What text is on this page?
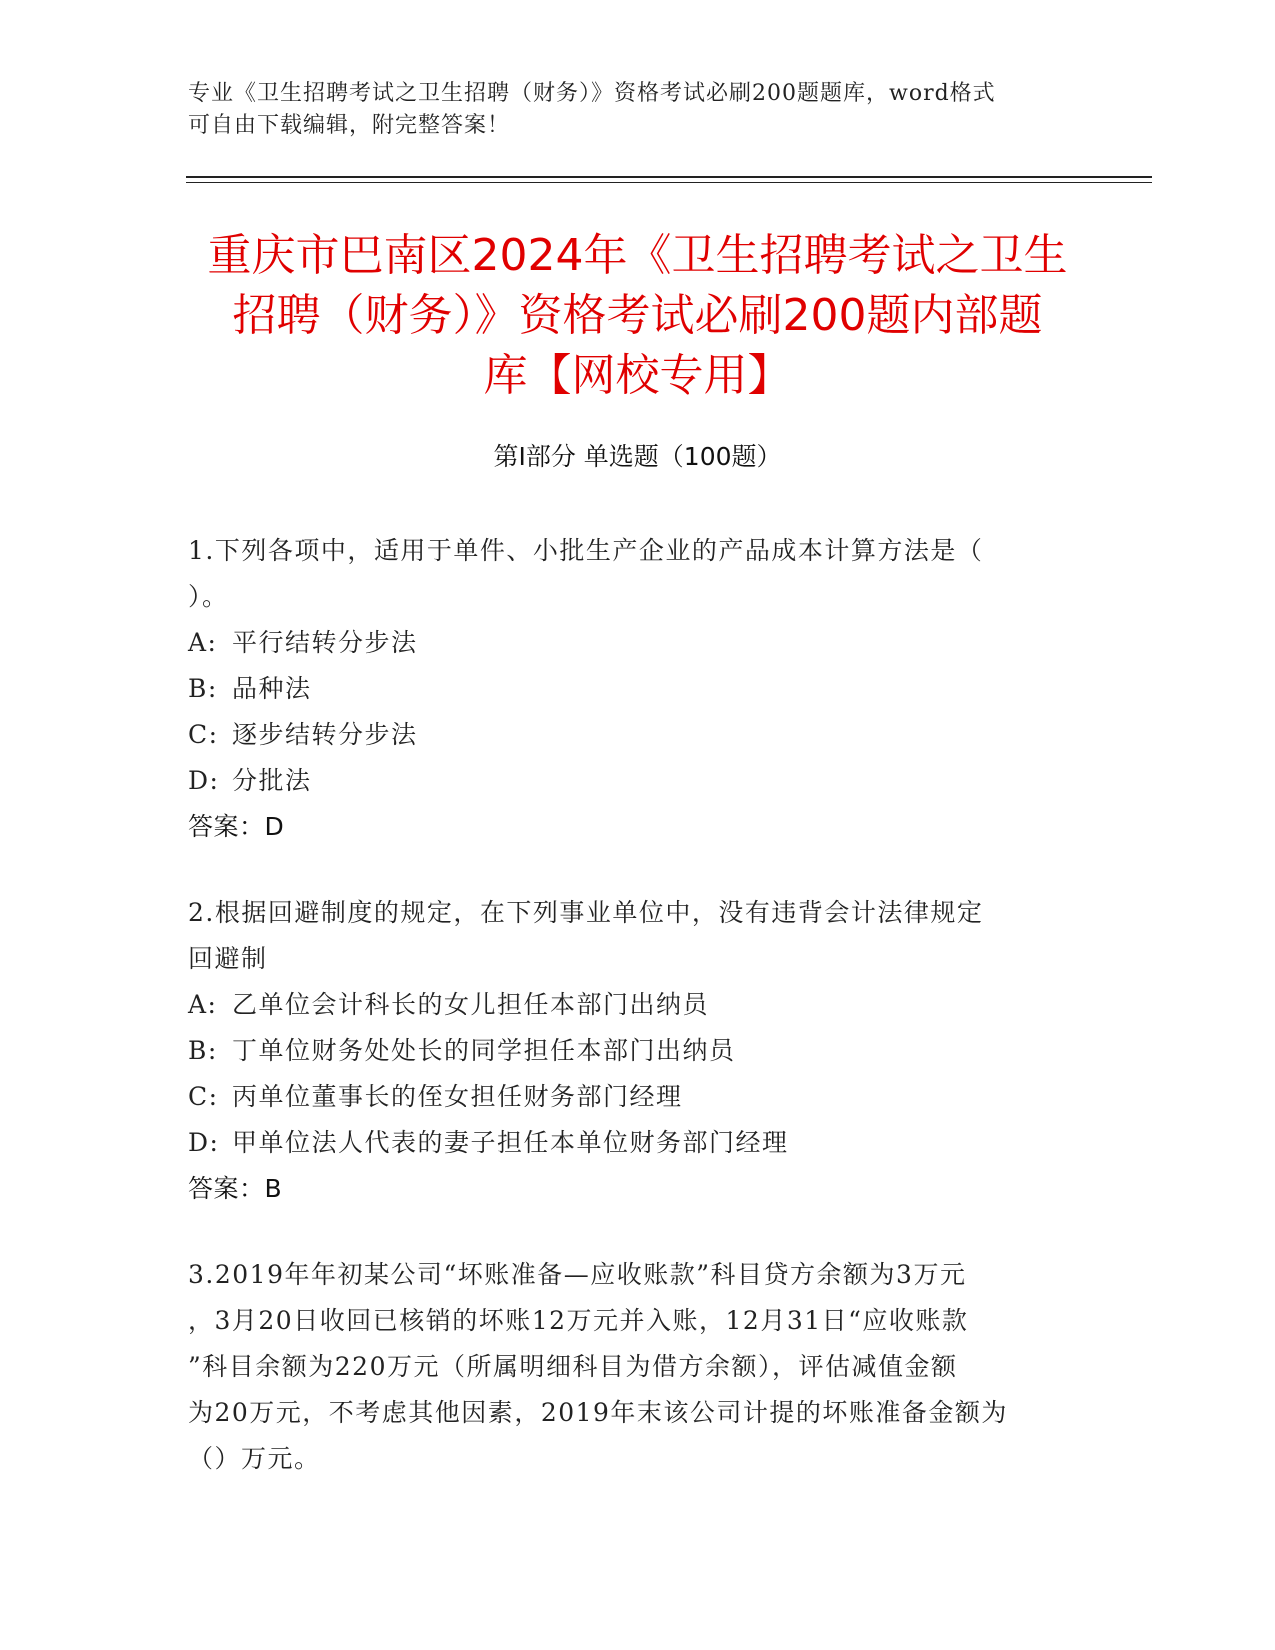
专业《卫生招聘考试之卫生招聘（财务）》资格考试必刷200题题库，word格式
可自由下载编辑，附完整答案！
重庆市巴南区2024年《卫生招聘考试之卫生
招聘（财务）》资格考试必刷200题内部题
库【网校专用】
第Ⅰ部分 单选题（100题）
1.下列各项中，适用于单件、小批生产企业的产品成本计算方法是（
）。
A: 平行结转分步法
B: 品种法
C: 逐步结转分步法
D: 分批法
答案：D
2.根据回避制度的规定，在下列事业单位中，没有违背会计法律规定
回避制
A: 乙单位会计科长的女儿担任本部门出纳员
B: 丁单位财务处处长的同学担任本部门出纳员
C: 丙单位董事长的侄女担任财务部门经理
D: 甲单位法人代表的妻子担任本单位财务部门经理
答案：B
3.2019年年初某公司“坏账准备—应收账款”科目贷方余额为3万元
，3月20日收回已核销的坏账12万元并入账，12月31日“应收账款
”科目余额为220万元（所属明细科目为借方余额），评估减值金额
为20万元，不考虑其他因素，2019年末该公司计提的坏账准备金额为
（）万元。
